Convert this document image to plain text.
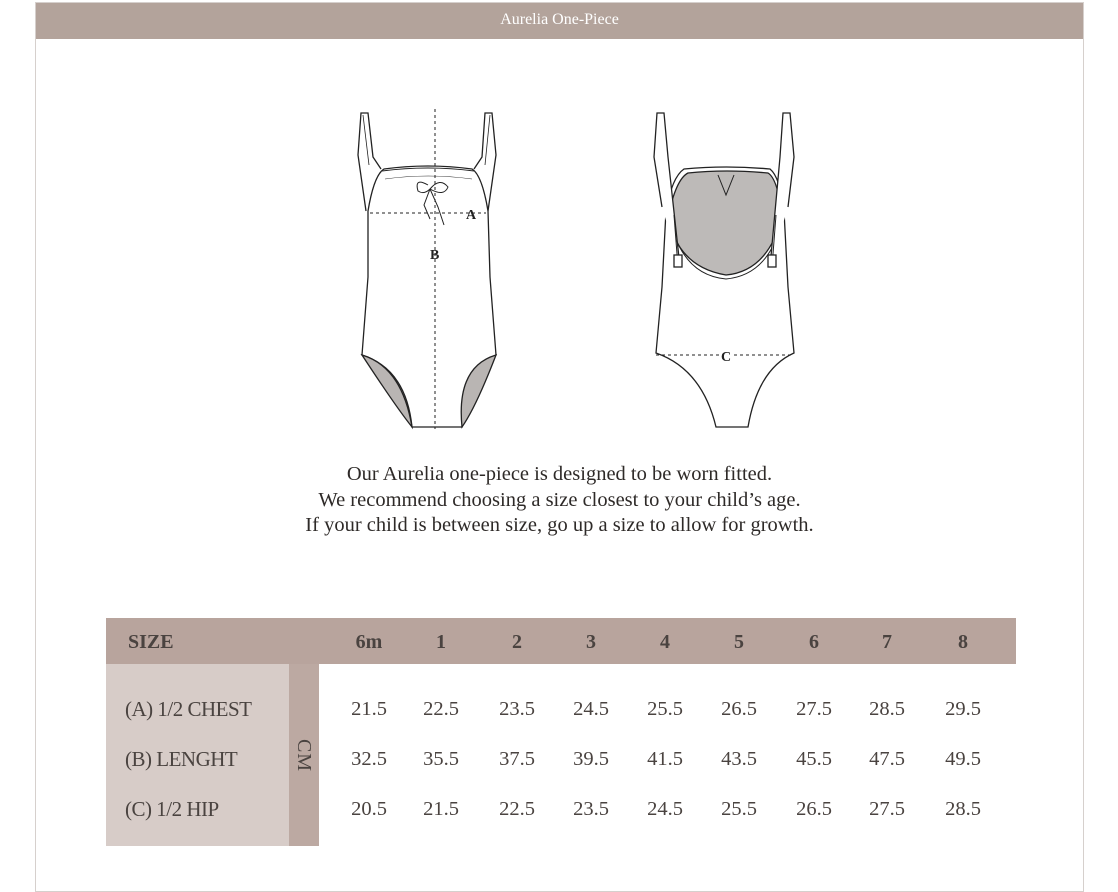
Aurelia One-Piece
A
B
C
Our Aurelia one-piece is designed to be worn fitted.
We recommend choosing a size closest to your child’s age.
If your child is between size, go up a size to allow for growth.
SIZE	6m	1	2	3	4	5	6	7	8
CM
(A) 1/2 CHEST	21.5	22.5	23.5	24.5	25.5	26.5	27.5	28.5	29.5
(B) LENGHT	32.5	35.5	37.5	39.5	41.5	43.5	45.5	47.5	49.5
(C) 1/2 HIP	20.5	21.5	22.5	23.5	24.5	25.5	26.5	27.5	28.5
